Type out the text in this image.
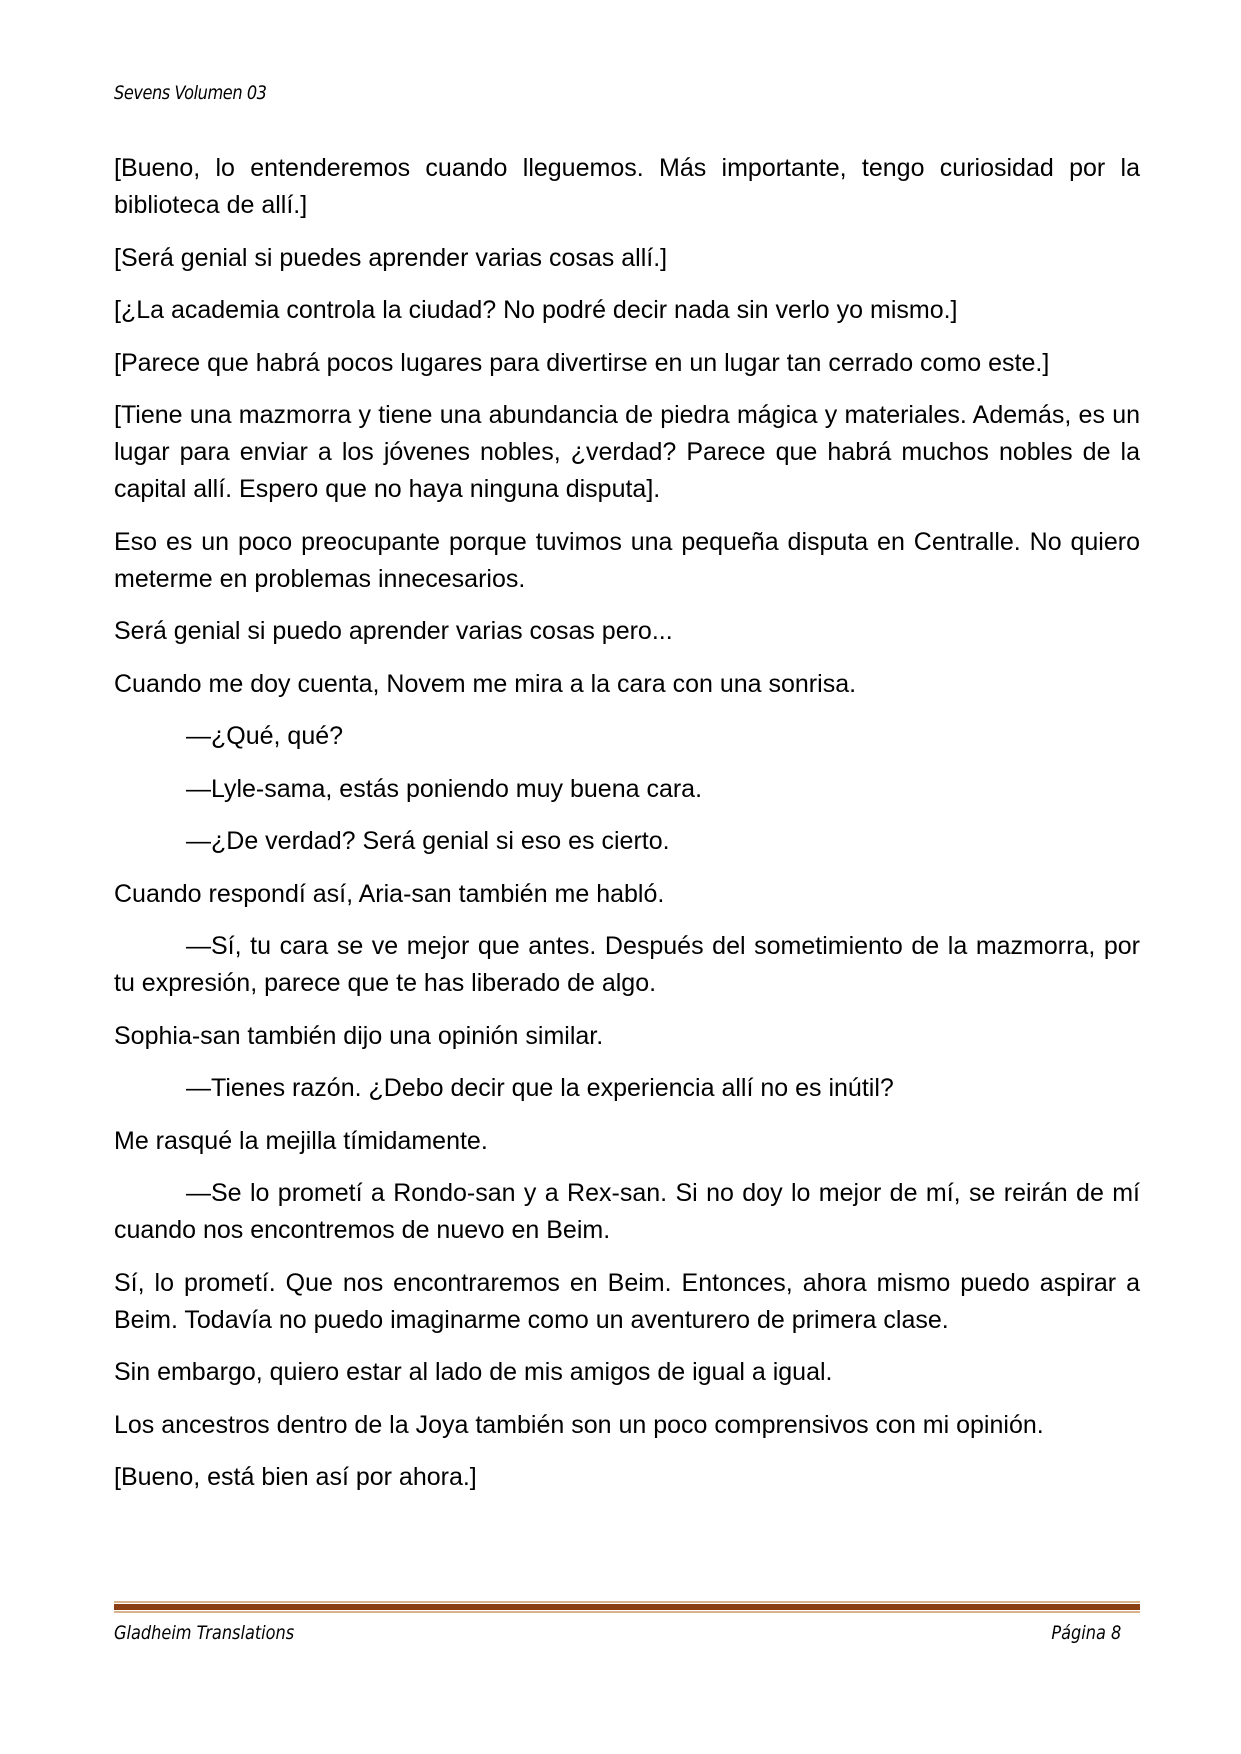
Sevens Volumen 03

[Bueno, lo entenderemos cuando lleguemos. Más importante, tengo curiosidad por la biblioteca de allí.]

[Será genial si puedes aprender varias cosas allí.]

[¿La academia controla la ciudad? No podré decir nada sin verlo yo mismo.]

[Parece que habrá pocos lugares para divertirse en un lugar tan cerrado como este.]

[Tiene una mazmorra y tiene una abundancia de piedra mágica y materiales. Además, es un lugar para enviar a los jóvenes nobles, ¿verdad? Parece que habrá muchos nobles de la capital allí. Espero que no haya ninguna disputa].

Eso es un poco preocupante porque tuvimos una pequeña disputa en Centralle. No quiero meterme en problemas innecesarios.

Será genial si puedo aprender varias cosas pero...

Cuando me doy cuenta, Novem me mira a la cara con una sonrisa.

—¿Qué, qué?

—Lyle-sama, estás poniendo muy buena cara.

—¿De verdad? Será genial si eso es cierto.

Cuando respondí así, Aria-san también me habló.

—Sí, tu cara se ve mejor que antes. Después del sometimiento de la mazmorra, por tu expresión, parece que te has liberado de algo.

Sophia-san también dijo una opinión similar.

—Tienes razón. ¿Debo decir que la experiencia allí no es inútil?

Me rasqué la mejilla tímidamente.

—Se lo prometí a Rondo-san y a Rex-san. Si no doy lo mejor de mí, se reirán de mí cuando nos encontremos de nuevo en Beim.

Sí, lo prometí. Que nos encontraremos en Beim. Entonces, ahora mismo puedo aspirar a Beim. Todavía no puedo imaginarme como un aventurero de primera clase.

Sin embargo, quiero estar al lado de mis amigos de igual a igual.

Los ancestros dentro de la Joya también son un poco comprensivos con mi opinión.

[Bueno, está bien así por ahora.]

Gladheim Translations	Página 8
